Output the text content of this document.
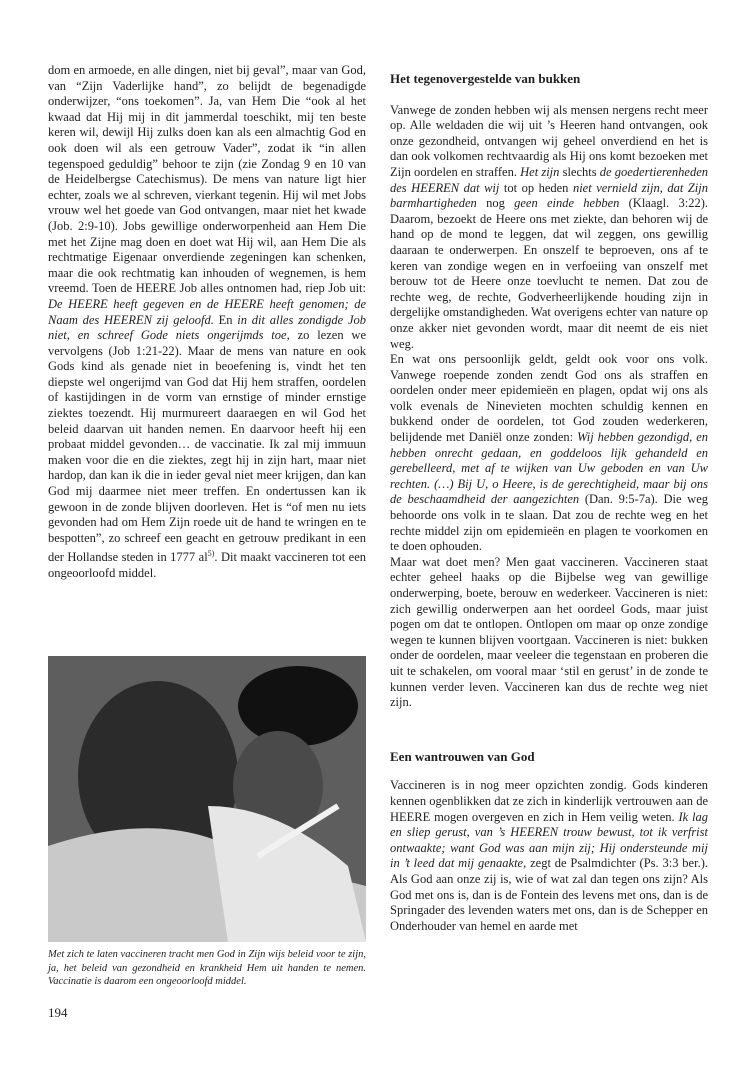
dom en armoede, en alle dingen, niet bij geval”, maar van God, van “Zijn Vaderlijke hand”, zo belijdt de begenadigde onderwijzer, “ons toekomen”. Ja, van Hem Die “ook al het kwaad dat Hij mij in dit jammerdal toeschikt, mij ten beste keren wil, dewijl Hij zulks doen kan als een almachtig God en ook doen wil als een getrouw Vader”, zodat ik “in allen tegenspoed geduldig” behoor te zijn (zie Zondag 9 en 10 van de Heidelbergse Catechismus). De mens van nature ligt hier echter, zoals we al schreven, vierkant tegenin. Hij wil met Jobs vrouw wel het goede van God ontvangen, maar niet het kwade (Job. 2:9-10). Jobs gewillige onderworpenheid aan Hem Die met het Zijne mag doen en doet wat Hij wil, aan Hem Die als rechtmatige Eigenaar onverdiende zegeningen kan schenken, maar die ook rechtmatig kan inhouden of wegnemen, is hem vreemd. Toen de HEERE Job alles ontnomen had, riep Job uit: De HEERE heeft gegeven en de HEERE heeft genomen; de Naam des HEEREN zij geloofd. En in dit alles zondigde Job niet, en schreef Gode niets ongerijmds toe, zo lezen we vervolgens (Job 1:21-22). Maar de mens van nature en ook Gods kind als genade niet in beoefening is, vindt het ten diepste wel ongerijmd van God dat Hij hem straffen, oordelen of kastijdingen in de vorm van ernstige of minder ernstige ziektes toezendt. Hij murmureert daaraegen en wil God het beleid daarvan uit handen nemen. En daarvoor heeft hij een probaat middel gevonden… de vaccinatie. Ik zal mij immuun maken voor die en die ziektes, zegt hij in zijn hart, maar niet hardop, dan kan ik die in ieder geval niet meer krijgen, dan kan God mij daarmee niet meer treffen. En ondertussen kan ik gewoon in de zonde blijven doorleven. Het is “of men nu iets gevonden had om Hem Zijn roede uit de hand te wringen en te bespotten”, zo schreef een geacht en getrouw predikant in een der Hollandse steden in 1777 $al^{5)}$. Dit maakt vaccineren tot een ongeoorloofd middel.

Met zich te laten vaccineren tracht men God in Zijn wijs beleid voor te zijn, ja, het beleid van gezondheid en krankheid Hem uit handen te nemen. Vaccinatie is daarom een ongeoorloofd middel.

194

Het tegenovergestelde van bukken

Vanwege de zonden hebben wij als mensen nergens recht meer op. Alle weldaden die wij uit ’s Heeren hand ontvangen, ook onze gezondheid, ontvangen wij geheel onverdiend en het is dan ook volkomen rechtvaardig als Hij ons komt bezoeken met Zijn oordelen en straffen. Het zijn slechts de goedertierenheden des HEEREN dat wij tot op heden niet vernield zijn, dat Zijn barmhartigheden nog geen einde hebben (Klaagl. 3:22). Daarom, bezoekt de Heere ons met ziekte, dan behoren wij de hand op de mond te leggen, dat wil zeggen, ons gewillig daaraan te onderwerpen. En onszelf te beproeven, ons af te keren van zondige wegen en in verfoeiing van onszelf met berouw tot de Heere onze toevlucht te nemen. Dat zou de rechte weg, de rechte, Godverheerlijkende houding zijn in dergelijke omstandigheden. Wat overigens echter van nature op onze akker niet gevonden wordt, maar dit neemt de eis niet weg.

En wat ons persoonlijk geldt, geldt ook voor ons volk. Vanwege roepende zonden zendt God ons als straffen en oordelen onder meer epidemieën en plagen, opdat wij ons als volk evenals de Ninevieten mochten schuldig kennen en bukkend onder de oordelen, tot God zouden wederkeren, belijdende met Daniël onze zonden: Wij hebben gezondigd, en hebben onrecht gedaan, en goddeloos lijk gehandeld en gerebelleerd, met af te wijken van Uw geboden en van Uw rechten. (…) Bij U, o Heere, is de gerechtigheid, maar bij ons de beschaamdheid der aangezichten (Dan. 9:5-7a). Die weg behoorde ons volk in te slaan. Dat zou de rechte weg en het rechte middel zijn om epidemieën en plagen te voorkomen en te doen ophouden.

Maar wat doet men? Men gaat vaccineren. Vaccineren staat echter geheel haaks op die Bijbelse weg van gewillige onderwerping, boete, berouw en wederkeer. Vaccineren is niet: zich gewillig onderwerpen aan het oordeel Gods, maar juist pogen om dat te ontlopen. Ontlopen om maar op onze zondige wegen te kunnen blijven voortgaan. Vaccineren is niet: bukken onder de oordelen, maar veeleer die tegenstaan en proberen die uit te schakelen, om vooral maar ‘stil en gerust’ in de zonde te kunnen verder leven. Vaccineren kan dus de rechte weg niet zijn.

Een wantrouwen van God

Vaccineren is in nog meer opzichten zondig. Gods kinderen kennen ogenblikken dat ze zich in kinderlijk vertrouwen aan de HEERE mogen overgeven en zich in Hem veilig weten. Ik lag en sliep gerust, van ’s HEEREN trouw bewust, tot ik verfrist ontwaakte; want God was aan mijn zij; Hij ondersteunde mij in ’t leed dat mij genaakte, zegt de Psalmdichter (Ps. 3:3 ber.). Als God aan onze zij is, wie of wat zal dan tegen ons zijn? Als God met ons is, dan is de Fontein des levens met ons, dan is de Springader des levenden waters met ons, dan is de Schepper en Onderhouder van hemel en aarde met
